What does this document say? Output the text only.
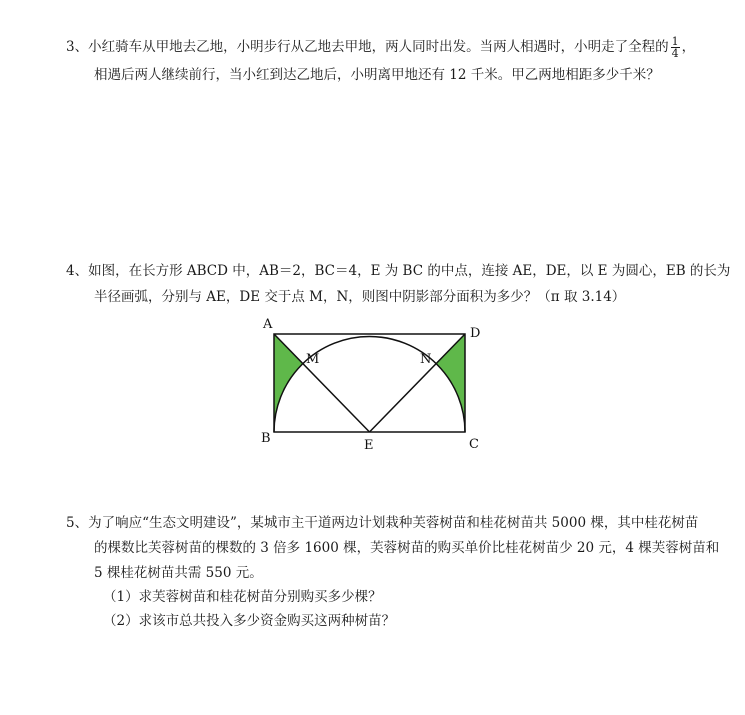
3、小红骑车从甲地去乙地，小明步行从乙地去甲地，两人同时出发。当两人相遇时，小明走了全程的 $\frac{1}{4}$ ，
相遇后两人继续前行，当小红到达乙地后，小明离甲地还有 12 千米。甲乙两地相距多少千米？
4、如图，在长方形 ABCD 中，AB＝2，BC＝4，E 为 BC 的中点，连接 AE，DE，以 E 为圆心，EB 的长为
半径画弧，分别与 AE，DE 交于点 M，N，则图中阴影部分面积为多少？（π 取 3.14）
A
B	C
D
E
M	N
5、为了响应“生态文明建设”，某城市主干道两边计划栽种芙蓉树苗和桂花树苗共 5000 棵，其中桂花树苗
的棵数比芙蓉树苗的棵数的 3 倍多 1600 棵，芙蓉树苗的购买单价比桂花树苗少 20 元，4 棵芙蓉树苗和
5 棵桂花树苗共需 550 元。
（1）求芙蓉树苗和桂花树苗分别购买多少棵？
（2）求该市总共投入多少资金购买这两种树苗？
